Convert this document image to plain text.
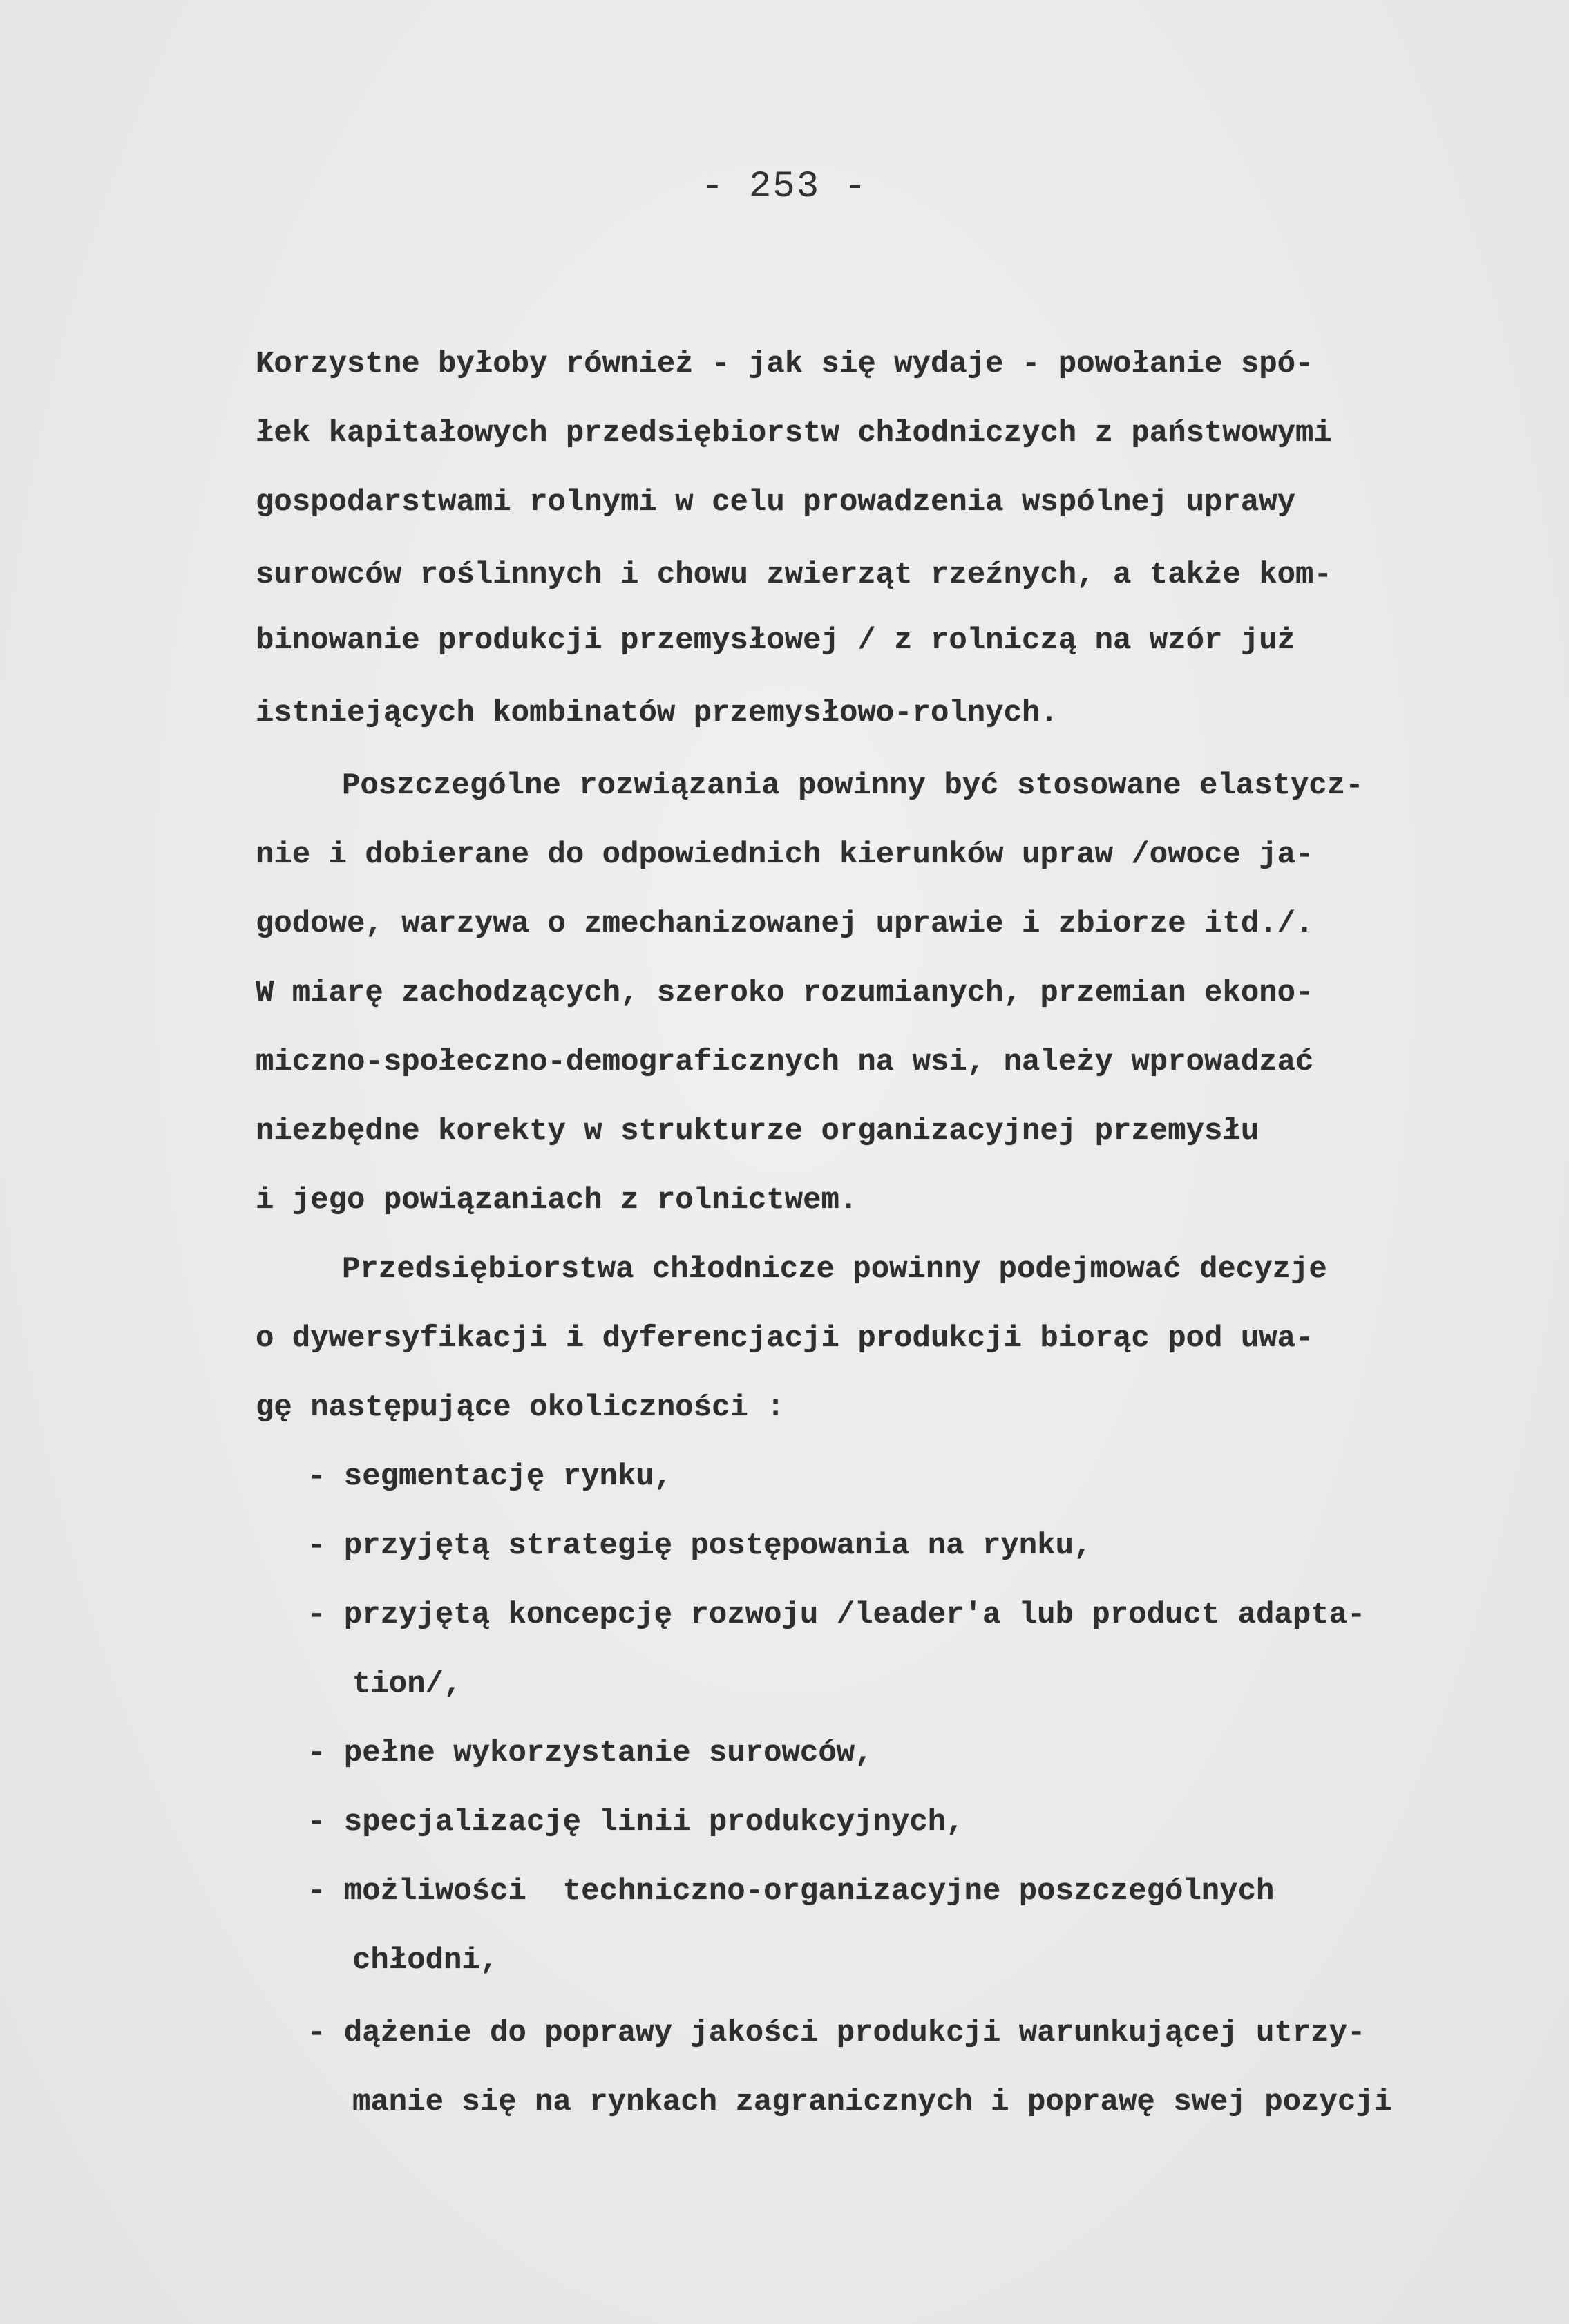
- 253 -
Korzystne byłoby również - jak się wydaje - powołanie spó-
łek kapitałowych przedsiębiorstw chłodniczych z państwowymi
gospodarstwami rolnymi w celu prowadzenia wspólnej uprawy
surowców roślinnych i chowu zwierząt rzeźnych, a także kom-
binowanie produkcji przemysłowej / z rolniczą na wzór już
istniejących kombinatów przemysłowo-rolnych.
Poszczególne rozwiązania powinny być stosowane elastycz-
nie i dobierane do odpowiednich kierunków upraw /owoce ja-
godowe, warzywa o zmechanizowanej uprawie i zbiorze itd./.
W miarę zachodzących, szeroko rozumianych, przemian ekono-
miczno-społeczno-demograficznych na wsi, należy wprowadzać
niezbędne korekty w strukturze organizacyjnej przemysłu
i jego powiązaniach z rolnictwem.
Przedsiębiorstwa chłodnicze powinny podejmować decyzje
o dywersyfikacji i dyferencjacji produkcji biorąc pod uwa-
gę następujące okoliczności :
- segmentację rynku,
- przyjętą strategię postępowania na rynku,
- przyjętą koncepcję rozwoju /leader'a lub product adapta-
tion/,
- pełne wykorzystanie surowców,
- specjalizację linii produkcyjnych,
- możliwości  techniczno-organizacyjne poszczególnych
chłodni,
- dążenie do poprawy jakości produkcji warunkującej utrzy-
manie się na rynkach zagranicznych i poprawę swej pozycji
